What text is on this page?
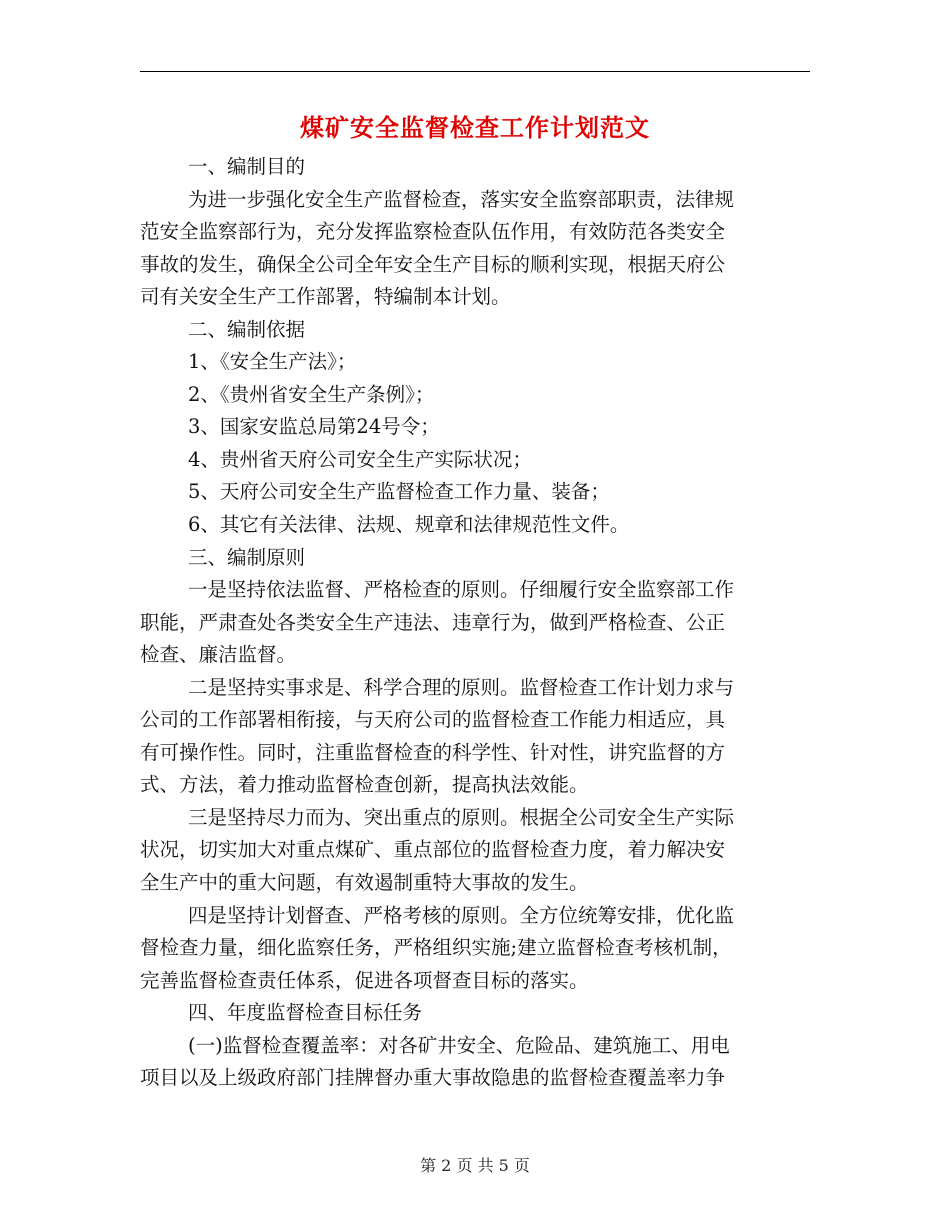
煤矿安全监督检查工作计划范文
一、编制目的
为进一步强化安全生产监督检查，落实安全监察部职责，法律规
范安全监察部行为，充分发挥监察检查队伍作用，有效防范各类安全
事故的发生，确保全公司全年安全生产目标的顺利实现，根据天府公
司有关安全生产工作部署，特编制本计划。
二、编制依据
1、《安全生产法》；
2、《贵州省安全生产条例》；
3、国家安监总局第24号令；
4、贵州省天府公司安全生产实际状况；
5、天府公司安全生产监督检查工作力量、装备；
6、其它有关法律、法规、规章和法律规范性文件。
三、编制原则
一是坚持依法监督、严格检查的原则。仔细履行安全监察部工作
职能，严肃查处各类安全生产违法、违章行为，做到严格检查、公正
检查、廉洁监督。
二是坚持实事求是、科学合理的原则。监督检查工作计划力求与
公司的工作部署相衔接，与天府公司的监督检查工作能力相适应，具
有可操作性。同时，注重监督检查的科学性、针对性，讲究监督的方
式、方法，着力推动监督检查创新，提高执法效能。
三是坚持尽力而为、突出重点的原则。根据全公司安全生产实际
状况，切实加大对重点煤矿、重点部位的监督检查力度，着力解决安
全生产中的重大问题，有效遏制重特大事故的发生。
四是坚持计划督查、严格考核的原则。全方位统筹安排，优化监
督检查力量，细化监察任务，严格组织实施;建立监督检查考核机制，
完善监督检查责任体系，促进各项督查目标的落实。
四、年度监督检查目标任务
(一)监督检查覆盖率：对各矿井安全、危险品、建筑施工、用电
项目以及上级政府部门挂牌督办重大事故隐患的监督检查覆盖率力争
第 2 页 共 5 页
